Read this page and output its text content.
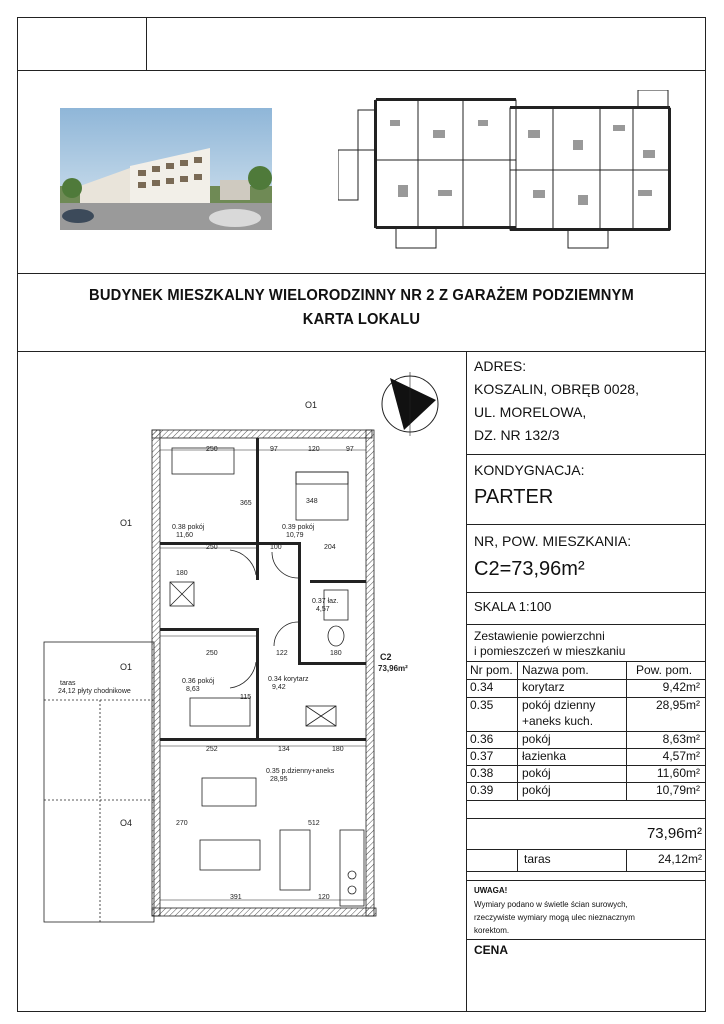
BUDYNEK MIESZKALNY WIELORODZINNY NR 2 Z GARAŻEM PODZIEMNYM
KARTA LOKALU
ADRES:
KOSZALIN, OBRĘB 0028,
UL. MORELOWA,
DZ. NR 132/3
KONDYGNACJA:
PARTER
NR, POW. MIESZKANIA:
C2=73,96m²
SKALA 1:100
Zestawienie powierzchni
i pomieszczeń w mieszkaniu
Nr pom. Nazwa pom.	Pow. pom.
0.34 korytarz	9,42m²
0.35 pokój dzienny
+aneks kuch.
28,95m²
0.36 pokój	8,63m²
0.37 łazienka	4,57m²
0.38 pokój	11,60m²
0.39 pokój	10,79m²
73,96m²
taras	24,12m²
UWAGA!
Wymiary podano w świetle ścian surowych,
rzeczywiste wymiary mogą ulec nieznacznym
korektom.
CENA
O1
O1
O1
O4
C2
73,96m²
0.38 pokój
11,60
0.39 pokój
10,79
0.37 łaz.
4,57
0.36 pokój
8,63
0.34 korytarz
9,42
0.35 p.dzienny+aneks
28,95
taras
24,12 płyty chodnikowe
250	97	120	97
365	348
250	100	204
180
122	180
250
115
252	134	180
391	120
512
270
